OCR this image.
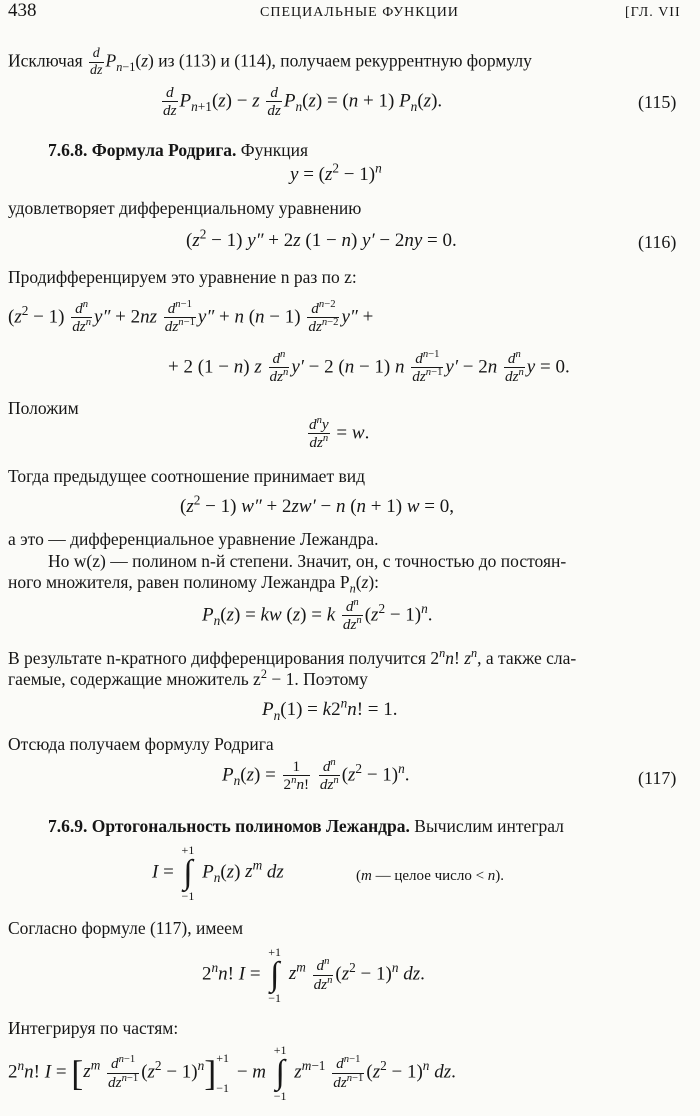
438	СПЕЦИАЛЬНЫЕ ФУНКЦИИ	[ГЛ. VII
Исключая $\frac{d}{dz} P_{n-1}(z)$ из (113) и (114), получаем рекуррентную формулу
$\frac{d}{dz} P_{n+1}(z) - z \frac{d}{dz} P_n(z) = (n + 1)$ $P_n(z)$.	(115)
7.6.8. Формула Родрига. Функция
$y = (z^2 - 1)^n$
удовлетворяет дифференциальному уравнению
$(z^2 - 1) y'' + 2z$ (1 − n) y′ − 2ny = 0.	(116)
Продифференцируем это уравнение n раз по z:
$(z^2 - 1) \frac{d^n}{dz^n} y'' + 2nz \frac{d^{n-1}}{dz^{n-1}} y'' + n$ $(n - 1) \frac{d^{n-2}}{dz^{n-2}} y''$ +
+ 2 (1 − n) z $\frac{d^n}{dz^n} y' - 2$ (n − 1) n $\frac{d^{n-1}}{dz^{n-1}} y' - 2n \frac{d^n}{dz^n}$ y = 0.
Положим
$\frac{d^ny}{dz^n} = w$.
Тогда предыдущее соотношение принимает вид
$(z^2 - 1) w'' + 2zw' - n$ (n + 1) w = 0,
а это — дифференциальное уравнение Лежандра.
Но w(z) — полином n-й степени. Значит, он, с точностью до постоян-
ного множителя, равен полиному Лежандра $P_n(z)$:
$P_n(z)$ = kw (z) = k $\frac{d^n}{dz^n} (z^2 - 1)^n$.
В результате n-кратного дифференцирования получится 2$^n$n! $z^n$, а также сла-
гаемые, содержащие множитель $z^2 - 1$. Поэтому
$P_n(1) = k2^nn$! = 1.
Отсюда получаем формулу Родрига
$P_n(z) = \frac{1}{2^nn!}$
$\frac{d^n}{dz^n} (z^2 - 1)^n$.	(117)
7.6.9. Ортогональность полиномов Лежандра. Вычислим интеграл
I =
+1
∫
−1
$P_n(z)$ $z^m$ dz	(m — целое число < n).
Согласно формуле (117), имеем
2$^n$n! I =
+1
∫
−1
$z^m \frac{d^n}{dz^n} (z^2 - 1)^n$ dz.
Интегрируя по частям:
2$^n$n! $I = [z^m \frac{d^{n-1}}{dz^{n-1}} (z^2 - 1)^n] +1$
−1
− m
+1
∫
−1
$z^{m-1} \frac{d^{n-1}}{dz^{n-1}} (z^2 - 1)^n$ dz.
